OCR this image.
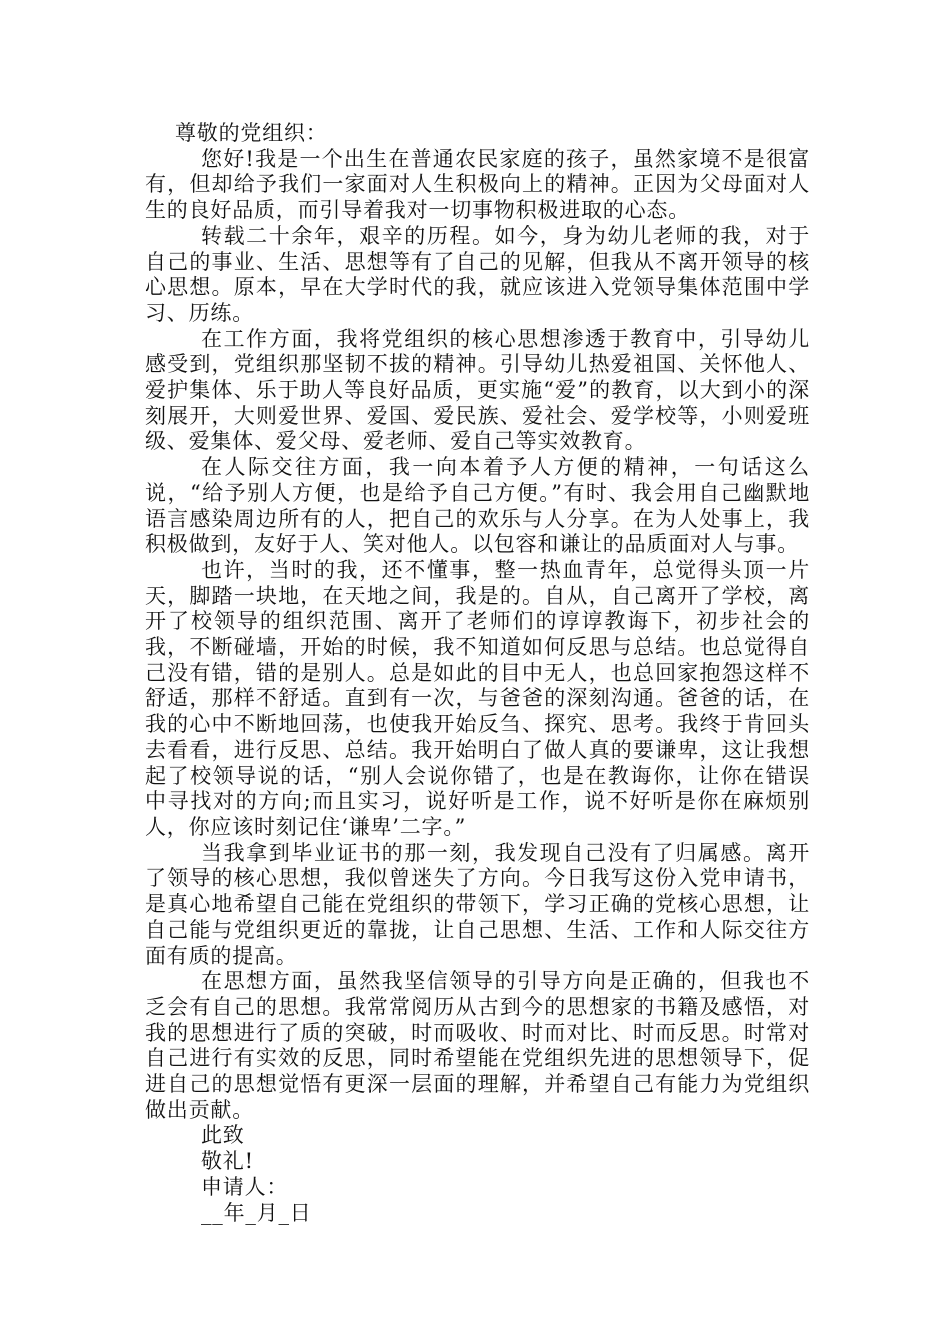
尊敬的党组织：

您好!我是一个出生在普通农民家庭的孩子，虽然家境不是很富有，但却给予我们一家面对人生积极向上的精神。正因为父母面对人生的良好品质，而引导着我对一切事物积极进取的心态。

转载二十余年，艰辛的历程。如今，身为幼儿老师的我，对于自己的事业、生活、思想等有了自己的见解，但我从不离开领导的核心思想。原本，早在大学时代的我，就应该进入党领导集体范围中学习、历练。

在工作方面，我将党组织的核心思想渗透于教育中，引导幼儿感受到，党组织那坚韧不拔的精神。引导幼儿热爱祖国、关怀他人、爱护集体、乐于助人等良好品质，更实施“爱”的教育，以大到小的深刻展开，大则爱世界、爱国、爱民族、爱社会、爱学校等，小则爱班级、爱集体、爱父母、爱老师、爱自己等实效教育。

在人际交往方面，我一向本着予人方便的精神，一句话这么说，“给予别人方便，也是给予自己方便。”有时、我会用自己幽默地语言感染周边所有的人，把自己的欢乐与人分享。在为人处事上，我积极做到，友好于人、笑对他人。以包容和谦让的品质面对人与事。

也许，当时的我，还不懂事，整一热血青年，总觉得头顶一片天，脚踏一块地，在天地之间，我是的。自从，自己离开了学校，离开了校领导的组织范围、离开了老师们的谆谆教诲下，初步社会的我，不断碰墙，开始的时候，我不知道如何反思与总结。也总觉得自己没有错，错的是别人。总是如此的目中无人，也总回家抱怨这样不舒适，那样不舒适。直到有一次，与爸爸的深刻沟通。爸爸的话，在我的心中不断地回荡，也使我开始反刍、探究、思考。我终于肯回头去看看，进行反思、总结。我开始明白了做人真的要谦卑，这让我想起了校领导说的话，“别人会说你错了，也是在教诲你，让你在错误中寻找对的方向;而且实习，说好听是工作，说不好听是你在麻烦别人，你应该时刻记住‘谦卑’二字。”

当我拿到毕业证书的那一刻，我发现自己没有了归属感。离开了领导的核心思想，我似曾迷失了方向。今日我写这份入党申请书，是真心地希望自己能在党组织的带领下，学习正确的党核心思想，让自己能与党组织更近的靠拢，让自己思想、生活、工作和人际交往方面有质的提高。

在思想方面，虽然我坚信领导的引导方向是正确的，但我也不乏会有自己的思想。我常常阅历从古到今的思想家的书籍及感悟，对我的思想进行了质的突破，时而吸收、时而对比、时而反思。时常对自己进行有实效的反思，同时希望能在党组织先进的思想领导下，促进自己的思想觉悟有更深一层面的理解，并希望自己有能力为党组织做出贡献。

此致

敬礼!

申请人：

__年_月_日
